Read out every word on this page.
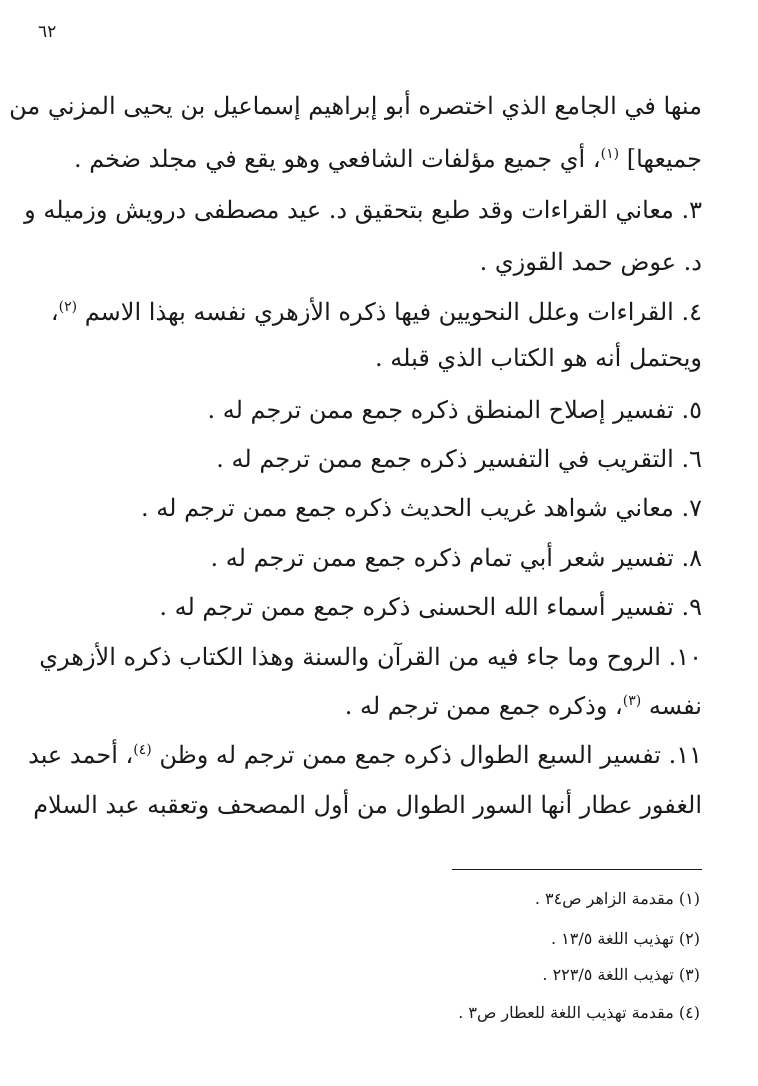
٦٢
منها في الجامع الذي اختصره أبو إبراهيم إسماعيل بن يحيى المزني من
جميعها] $^{(١)}$، أي جميع مؤلفات الشافعي وهو يقع في مجلد ضخم .
٣. معاني القراءات وقد طبع بتحقيق د. عيد مصطفى درويش وزميله و
د. عوض حمد القوزي .
٤. القراءات وعلل النحويين فيها ذكره الأزهري نفسه بهذا الاسم $^{(٢)}$،
ويحتمل أنه هو الكتاب الذي قبله .
٥. تفسير إصلاح المنطق ذكره جمع ممن ترجم له .
٦. التقريب في التفسير ذكره جمع ممن ترجم له .
٧. معاني شواهد غريب الحديث ذكره جمع ممن ترجم له .
٨. تفسير شعر أبي تمام ذكره جمع ممن ترجم له .
٩. تفسير أسماء الله الحسنى ذكره جمع ممن ترجم له .
١٠. الروح وما جاء فيه من القرآن والسنة وهذا الكتاب ذكره الأزهري
نفسه $^{(٣)}$، وذكره جمع ممن ترجم له .
١١. تفسير السبع الطوال ذكره جمع ممن ترجم له وظن $^{(٤)}$، أحمد عبد
الغفور عطار أنها السور الطوال من أول المصحف وتعقبه عبد السلام
(١) مقدمة الزاهر ص٣٤ .
(٢) تهذيب اللغة ١٣/٥ .
(٣) تهذيب اللغة ٢٢٣/٥ .
(٤) مقدمة تهذيب اللغة للعطار ص٣ .
